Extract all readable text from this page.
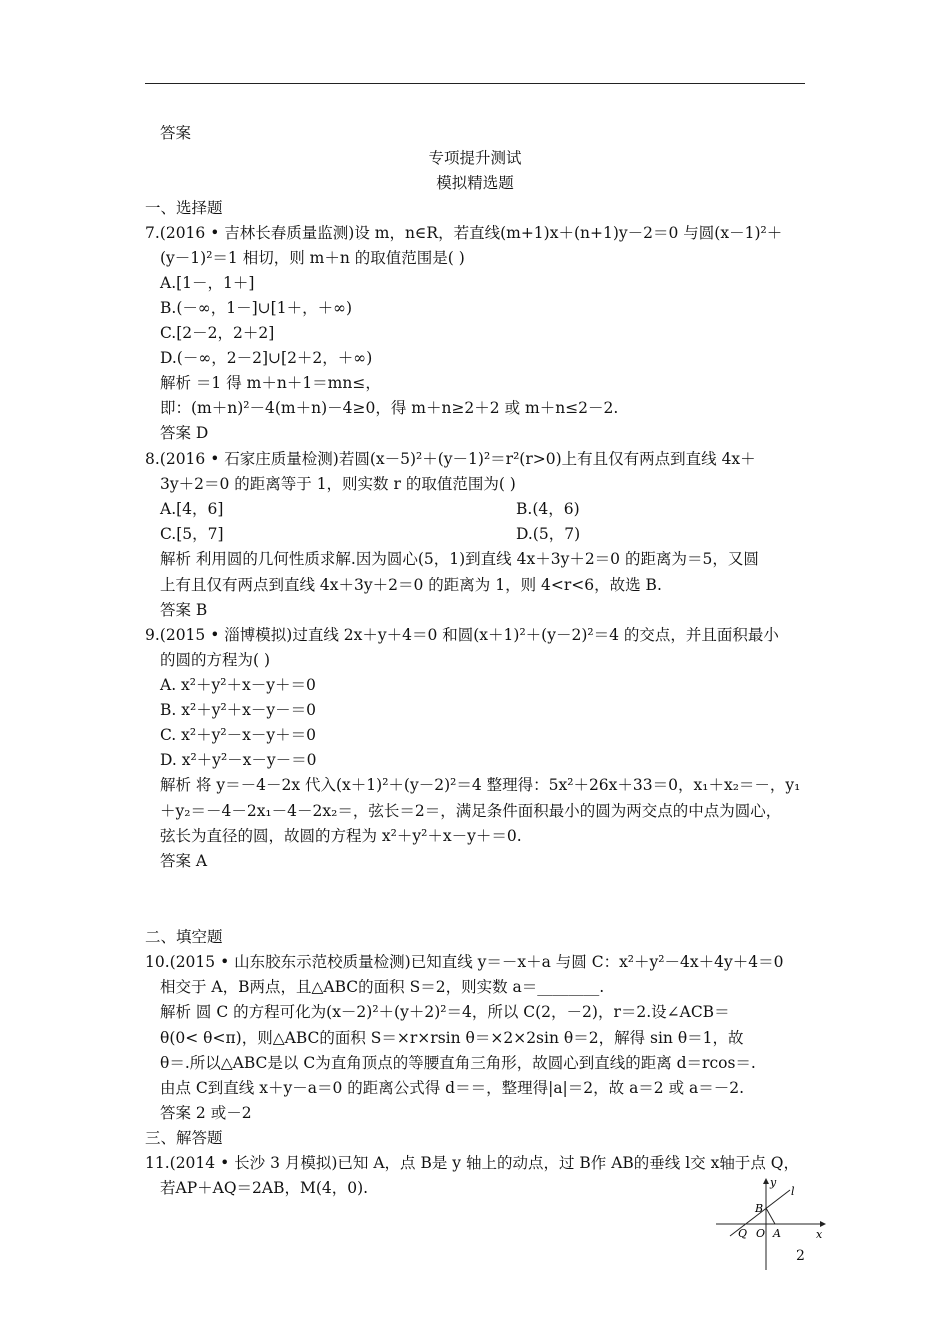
答案
专项提升测试
模拟精选题
一、选择题
7.(2016 • 吉林长春质量监测)设 m，n∈R，若直线(m+1)x＋(n+1)y－2＝0 与圆(x－1)²＋
(y－1)²＝1 相切，则 m＋n 的取值范围是( )
A.[1－，1＋]
B.(－∞，1－]∪[1＋，＋∞)
C.[2－2，2＋2]
D.(－∞，2－2]∪[2＋2，＋∞)
解析 ＝1 得 m＋n＋1＝mn≤，
即：(m＋n)²－4(m＋n)－4≥0，得 m＋n≥2＋2 或 m＋n≤2－2.
答案 D
8.(2016 • 石家庄质量检测)若圆(x－5)²＋(y－1)²＝r²(r>0)上有且仅有两点到直线 4x＋
3y＋2＝0 的距离等于 1，则实数 r 的取值范围为( )
A.[4，6]	B.(4，6)
C.[5，7]	D.(5，7)
解析 利用圆的几何性质求解.因为圆心(5，1)到直线 4x＋3y＋2＝0 的距离为＝5，又圆
上有且仅有两点到直线 4x＋3y＋2＝0 的距离为 1，则 4<r<6，故选 B.
答案 B
9.(2015 • 淄博模拟)过直线 2x＋y＋4＝0 和圆(x＋1)²＋(y－2)²＝4 的交点，并且面积最小
的圆的方程为( )
A. x²＋y²＋x－y＋＝0
B. x²＋y²＋x－y－＝0
C. x²＋y²－x－y＋＝0
D. x²＋y²－x－y－＝0
解析 将 y＝－4－2x 代入(x＋1)²＋(y－2)²＝4 整理得：5x²＋26x＋33＝0，x₁＋x₂＝－，y₁
＋y₂＝－4－2x₁－4－2x₂＝，弦长＝2＝，满足条件面积最小的圆为两交点的中点为圆心，
弦长为直径的圆，故圆的方程为 x²＋y²＋x－y＋＝0.
答案 A
二、填空题
10.(2015 • 山东胶东示范校质量检测)已知直线 y＝－x＋a 与圆 C：x²＋y²－4x＋4y＋4＝0
相交于 A，B两点，且△ABC的面积 S＝2，则实数 a＝________.
解析 圆 C 的方程可化为(x－2)²＋(y＋2)²＝4，所以 C(2，－2)，r＝2.设∠ACB＝
θ(0< θ<π)，则△ABC的面积 S＝×r×rsin θ＝×2×2sin θ＝2，解得 sin θ＝1，故
θ＝.所以△ABC是以 C为直角顶点的等腰直角三角形，故圆心到直线的距离 d＝rcos＝.
由点 C到直线 x＋y－a＝0 的距离公式得 d＝＝，整理得|a|＝2，故 a＝2 或 a＝－2.
答案 2 或－2
三、解答题
11.(2014 • 长沙 3 月模拟)已知 A，点 B是 y 轴上的动点，过 B作 AB的垂线 l交 x轴于点 Q，
若AP＋AQ＝2AB，M(4，0).	y
x
l
B
Q O A
2
